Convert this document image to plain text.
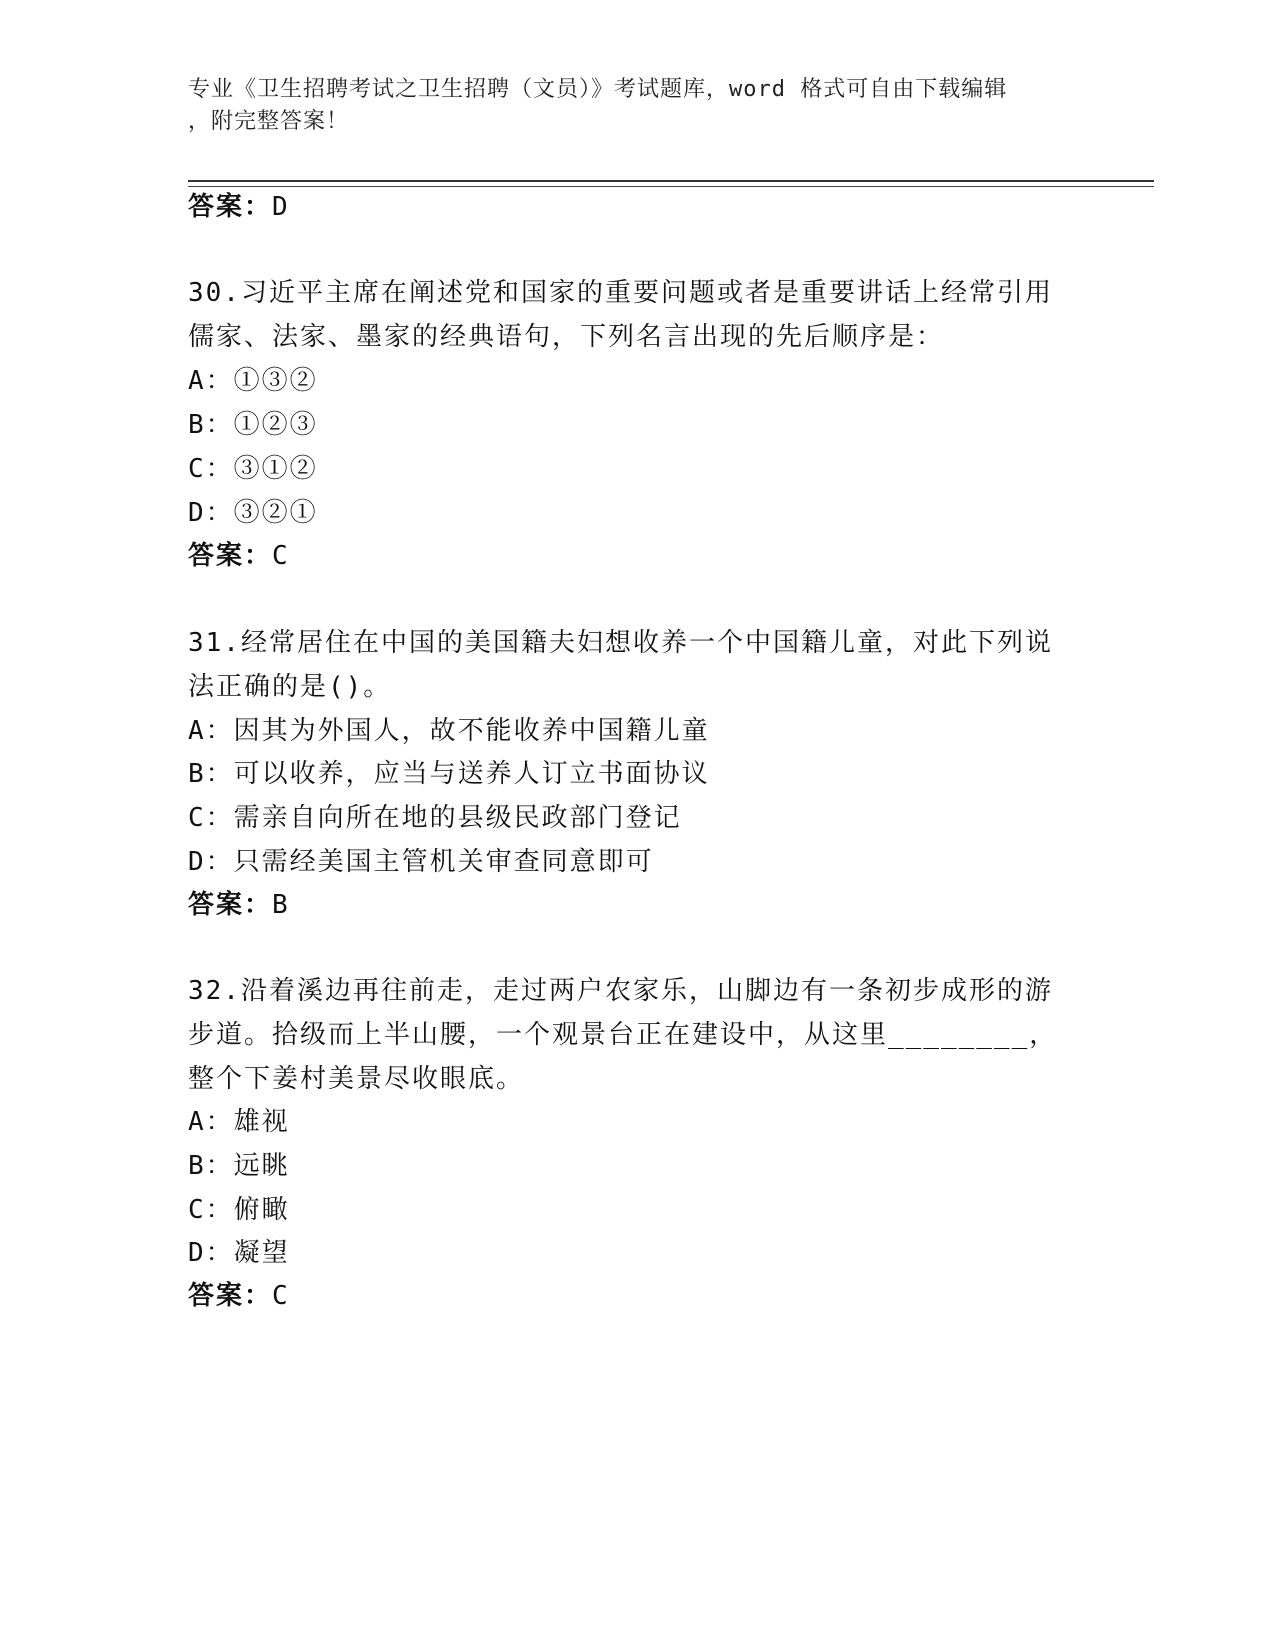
专业《卫生招聘考试之卫生招聘（文员）》考试题库，word 格式可自由下载编辑
，附完整答案！
答案：D
30.习近平主席在阐述党和国家的重要问题或者是重要讲话上经常引用
儒家、法家、墨家的经典语句，下列名言出现的先后顺序是：
A：①③②
B：①②③
C：③①②
D：③②①
答案：C
31.经常居住在中国的美国籍夫妇想收养一个中国籍儿童，对此下列说
法正确的是()。
A：因其为外国人，故不能收养中国籍儿童
B：可以收养，应当与送养人订立书面协议
C：需亲自向所在地的县级民政部门登记
D：只需经美国主管机关审查同意即可
答案：B
32.沿着溪边再往前走，走过两户农家乐，山脚边有一条初步成形的游
步道。拾级而上半山腰，一个观景台正在建设中，从这里________，
整个下姜村美景尽收眼底。
A：雄视
B：远眺
C：俯瞰
D：凝望
答案：C
